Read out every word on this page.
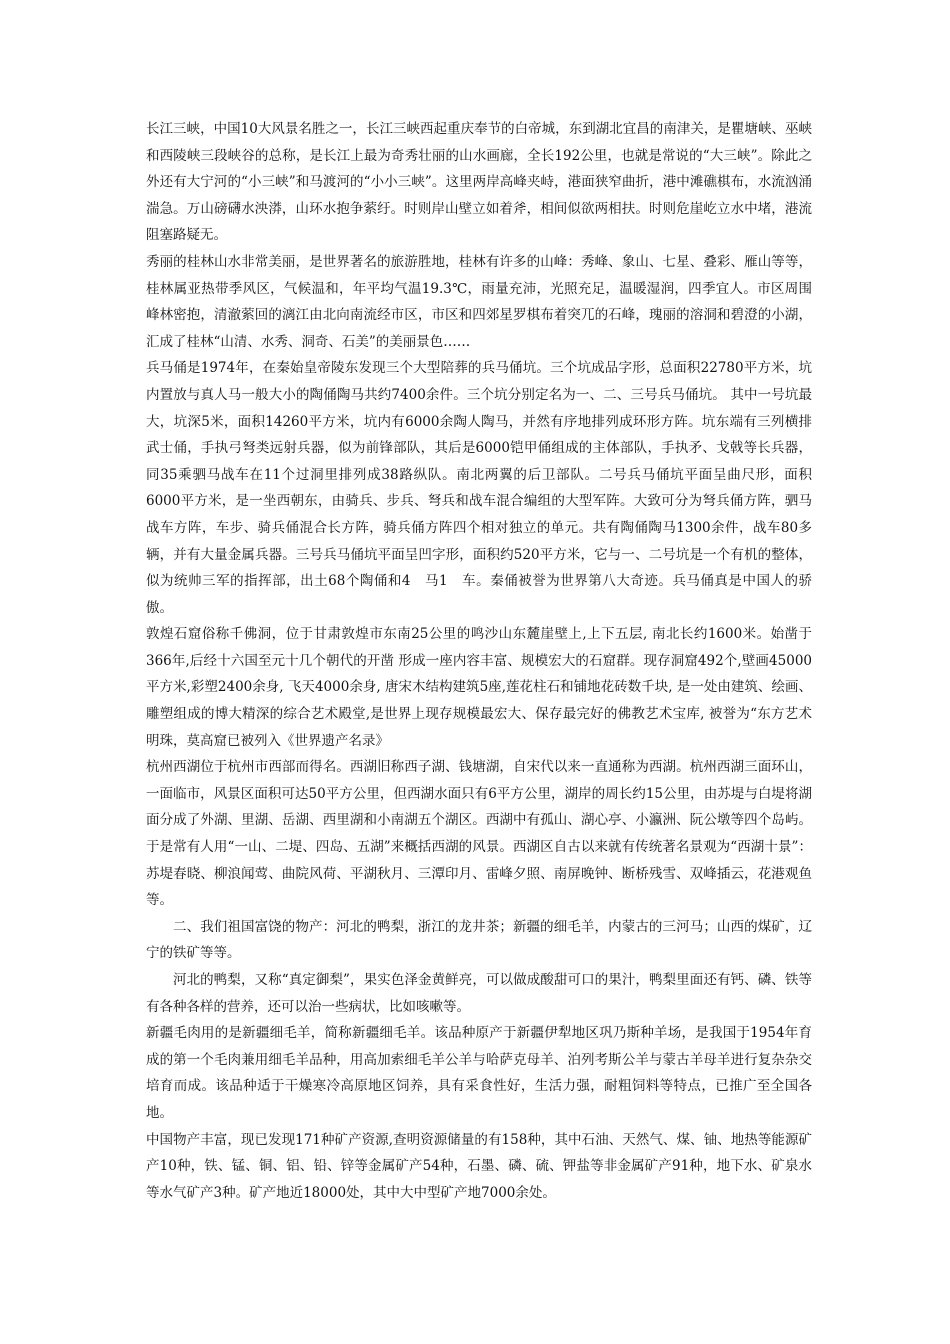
长江三峡，中国10大风景名胜之一，长江三峡西起重庆奉节的白帝城，东到湖北宜昌的南津关，是瞿塘峡、巫峡和西陵峡三段峡谷的总称，是长江上最为奇秀壮丽的山水画廊，全长192公里，也就是常说的“大三峡”。除此之外还有大宁河的“小三峡”和马渡河的“小小三峡”。这里两岸高峰夹峙，港面狭窄曲折，港中滩礁棋布，水流汹涌湍急。万山磅礴水泱漭，山环水抱争萦纡。时则岸山壁立如着斧，相间似欲两相扶。时则危崖屹立水中堵，港流阻塞路疑无。

秀丽的桂林山水非常美丽，是世界著名的旅游胜地，桂林有许多的山峰：秀峰、象山、七星、叠彩、雁山等等，桂林属亚热带季风区，气候温和，年平均气温19.3℃，雨量充沛，光照充足，温暖湿润，四季宜人。市区周围峰林密抱，清澈萦回的漓江由北向南流经市区，市区和四郊星罗棋布着突兀的石峰，瑰丽的溶洞和碧澄的小湖，汇成了桂林“山清、水秀、洞奇、石美”的美丽景色……

兵马俑是1974年，在秦始皇帝陵东发现三个大型陪葬的兵马俑坑。三个坑成品字形，总面积22780平方米，坑内置放与真人马一般大小的陶俑陶马共约7400余件。三个坑分别定名为一、二、三号兵马俑坑。 其中一号坑最大，坑深5米，面积14260平方米，坑内有6000余陶人陶马，并然有序地排列成环形方阵。坑东端有三列横排武士俑，手执弓弩类远射兵器，似为前锋部队，其后是6000铠甲俑组成的主体部队，手执矛、戈戟等长兵器，同35乘驷马战车在11个过洞里排列成38路纵队。南北两翼的后卫部队。二号兵马俑坑平面呈曲尺形，面积6000平方米，是一坐西朝东，由骑兵、步兵、弩兵和战车混合编组的大型军阵。大致可分为弩兵俑方阵，驷马战车方阵，车步、骑兵俑混合长方阵，骑兵俑方阵四个相对独立的单元。共有陶俑陶马1300余件，战车80多辆，并有大量金属兵器。三号兵马俑坑平面呈凹字形，面积约520平方米，它与一、二号坑是一个有机的整体，似为统帅三军的指挥部，出土68个陶俑和4　马1　车。秦俑被誉为世界第八大奇迹。兵马俑真是中国人的骄傲。

敦煌石窟俗称千佛洞，位于甘肃敦煌市东南25公里的鸣沙山东麓崖壁上,上下五层, 南北长约1600米。始凿于366年,后经十六国至元十几个朝代的开凿 形成一座内容丰富、规模宏大的石窟群。现存洞窟492个,壁画45000平方米,彩塑2400余身, 飞天4000余身, 唐宋木结构建筑5座,莲花柱石和铺地花砖数千块, 是一处由建筑、绘画、雕塑组成的博大精深的综合艺术殿堂,是世界上现存规模最宏大、保存最完好的佛教艺术宝库, 被誉为“东方艺术明珠，莫高窟已被列入《世界遗产名录》

杭州西湖位于杭州市西部而得名。西湖旧称西子湖、钱塘湖，自宋代以来一直通称为西湖。杭州西湖三面环山，一面临市，风景区面积可达50平方公里，但西湖水面只有6平方公里，湖岸的周长约15公里，由苏堤与白堤将湖面分成了外湖、里湖、岳湖、西里湖和小南湖五个湖区。西湖中有孤山、湖心亭、小瀛洲、阮公墩等四个岛屿。于是常有人用“一山、二堤、四岛、五湖”来概括西湖的风景。西湖区自古以来就有传统著名景观为“西湖十景”：苏堤春晓、柳浪闻莺、曲院风荷、平湖秋月、三潭印月、雷峰夕照、南屏晚钟、断桥残雪、双峰插云，花港观鱼等。

二、我们祖国富饶的物产：河北的鸭梨，浙江的龙井茶；新疆的细毛羊，内蒙古的三河马；山西的煤矿，辽宁的铁矿等等。

河北的鸭梨，又称“真定御梨”，果实色泽金黄鲜亮，可以做成酸甜可口的果汁，鸭梨里面还有钙、磷、铁等有各种各样的营养，还可以治一些病状，比如咳嗽等。

新疆毛肉用的是新疆细毛羊，简称新疆细毛羊。该品种原产于新疆伊犁地区巩乃斯种羊场，是我国于1954年育成的第一个毛肉兼用细毛羊品种，用高加索细毛羊公羊与哈萨克母羊、泊列考斯公羊与蒙古羊母羊进行复杂杂交培育而成。该品种适于干燥寒冷高原地区饲养，具有采食性好，生活力强，耐粗饲料等特点，已推广至全国各地。

中国物产丰富，现已发现171种矿产资源,查明资源储量的有158种，其中石油、天然气、煤、铀、地热等能源矿产10种，铁、锰、铜、铝、铅、锌等金属矿产54种，石墨、磷、硫、钾盐等非金属矿产91种，地下水、矿泉水等水气矿产3种。矿产地近18000处，其中大中型矿产地7000余处。
